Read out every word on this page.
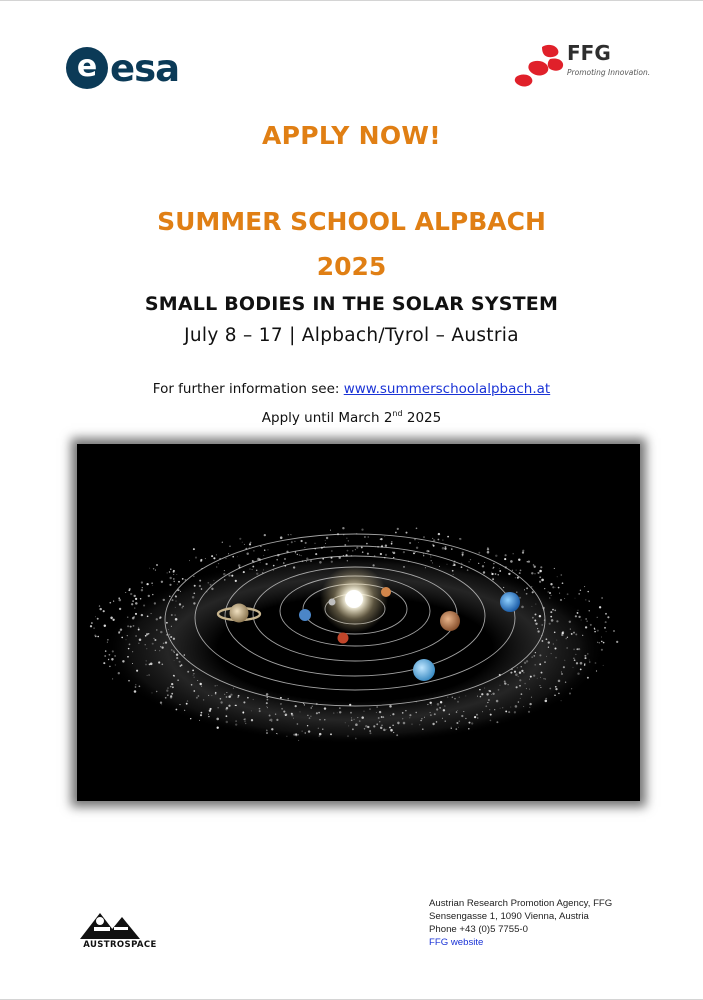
e esa	FFG
Promoting Innovation.
APPLY NOW!
SUMMER SCHOOL ALPBACH
2025
SMALL BODIES IN THE SOLAR SYSTEM
July 8 – 17 | Alpbach/Tyrol – Austria
For further information see: www.summerschoolalpbach.at
Apply until March 2nd 2025
AUSTROSPACE
Austrian Research Promotion Agency, FFG
Sensengasse 1, 1090 Vienna, Austria
Phone +43 (0)5 7755-0
FFG website
